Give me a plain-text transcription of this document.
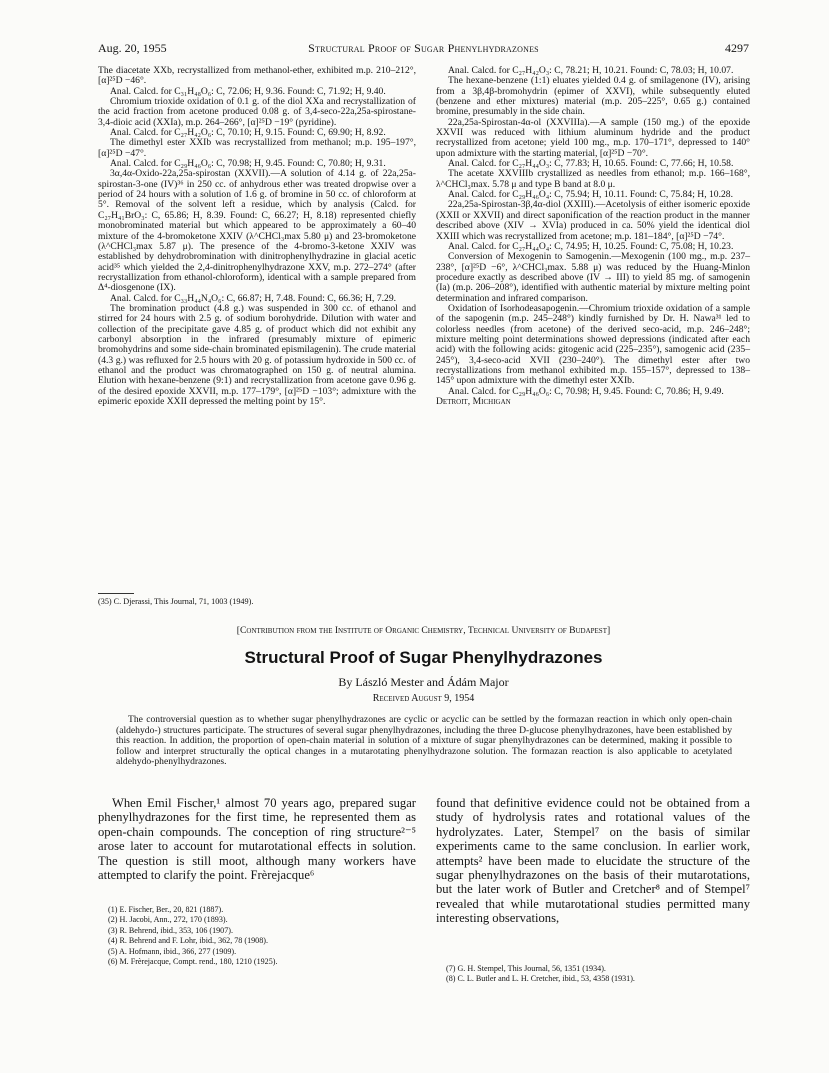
Aug. 20, 1955	Structural Proof of Sugar Phenylhydrazones	4297

The diacetate XXb, recrystallized from methanol-ether, exhibited m.p. 210–212°, [α]²⁵D −46°.

Anal. Calcd. for C₃₁H₄₈O₆: C, 72.06; H, 9.36. Found: C, 71.92; H, 9.40.

Chromium trioxide oxidation of 0.1 g. of the diol XXa and recrystallization of the acid fraction from acetone produced 0.08 g. of 3,4-seco-22a,25a-spirostane-3,4-dioic acid (XXIa), m.p. 264–266°, [α]²⁵D −19° (pyridine).

Anal. Calcd. for C₂₇H₄₂O₆: C, 70.10; H, 9.15. Found: C, 69.90; H, 8.92.

The dimethyl ester XXIb was recrystallized from methanol; m.p. 195–197°, [α]²⁵D −47°.

Anal. Calcd. for C₂₉H₄₆O₆: C, 70.98; H, 9.45. Found: C, 70.80; H, 9.31.

3α,4α-Oxido-22a,25a-spirostan (XXVII).—A solution of 4.14 g. of 22a,25a-spirostan-3-one (IV)³⁶ in 250 cc. of anhydrous ether was treated dropwise over a period of 24 hours with a solution of 1.6 g. of bromine in 50 cc. of chloroform at 5°. Removal of the solvent left a residue, which by analysis (Calcd. for C₂₇H₄₁BrO₃: C, 65.86; H, 8.39. Found: C, 66.27; H, 8.18) represented chiefly monobrominated material but which appeared to be approximately a 60–40 mixture of the 4-bromoketone XXIV (λ^CHCl₃max 5.80 μ) and 23-bromoketone (λ^CHCl₃max 5.87 μ). The presence of the 4-bromo-3-ketone XXIV was established by dehydrobromination with dinitrophenylhydrazine in glacial acetic acid³⁵ which yielded the 2,4-dinitrophenylhydrazone XXV, m.p. 272–274° (after recrystallization from ethanol-chloroform), identical with a sample prepared from Δ⁴-diosgenone (IX).

Anal. Calcd. for C₃₃H₄₄N₄O₆: C, 66.87; H, 7.48. Found: C, 66.36; H, 7.29.

The bromination product (4.8 g.) was suspended in 300 cc. of ethanol and stirred for 24 hours with 2.5 g. of sodium borohydride. Dilution with water and collection of the precipitate gave 4.85 g. of product which did not exhibit any carbonyl absorption in the infrared (presumably mixture of epimeric bromohydrins and some side-chain brominated epismilagenin). The crude material (4.3 g.) was refluxed for 2.5 hours with 20 g. of potassium hydroxide in 500 cc. of ethanol and the product was chromatographed on 150 g. of neutral alumina. Elution with hexane-benzene (9:1) and recrystallization from acetone gave 0.96 g. of the desired epoxide XXVII, m.p. 177–179°, [α]²⁵D −103°; admixture with the epimeric epoxide XXII depressed the melting point by 15°.

(35) C. Djerassi, This Journal, 71, 1003 (1949).

Anal. Calcd. for C₂₇H₄₂O₃: C, 78.21; H, 10.21. Found: C, 78.03; H, 10.07.

The hexane-benzene (1:1) eluates yielded 0.4 g. of smilagenone (IV), arising from a 3β,4β-bromohydrin (epimer of XXVI), while subsequently eluted (benzene and ether mixtures) material (m.p. 205–225°, 0.65 g.) contained bromine, presumably in the side chain.

22a,25a-Spirostan-4α-ol (XXVIIIa).—A sample (150 mg.) of the epoxide XXVII was reduced with lithium aluminum hydride and the product recrystallized from acetone; yield 100 mg., m.p. 170–171°, depressed to 140° upon admixture with the starting material, [α]²⁵D −70°.

Anal. Calcd. for C₂₇H₄₄O₃: C, 77.83; H, 10.65. Found: C, 77.66; H, 10.58.

The acetate XXVIIIb crystallized as needles from ethanol; m.p. 166–168°, λ^CHCl₃max. 5.78 μ and type B band at 8.0 μ.

Anal. Calcd. for C₂₉H₄₆O₄: C, 75.94; H, 10.11. Found: C, 75.84; H, 10.28.

22a,25a-Spirostan-3β,4α-diol (XXIII).—Acetolysis of either isomeric epoxide (XXII or XXVII) and direct saponification of the reaction product in the manner described above (XIV → XVIa) produced in ca. 50% yield the identical diol XXIII which was recrystallized from acetone; m.p. 181–184°, [α]²⁵D −74°.

Anal. Calcd. for C₂₇H₄₄O₄: C, 74.95; H, 10.25. Found: C, 75.08; H, 10.23.

Conversion of Mexogenin to Samogenin.—Mexogenin (100 mg., m.p. 237–238°, [α]²⁵D −6°, λ^CHCl₃max. 5.88 μ) was reduced by the Huang-Minlon procedure exactly as described above (IV → III) to yield 85 mg. of samogenin (Ia) (m.p. 206–208°), identified with authentic material by mixture melting point determination and infrared comparison.

Oxidation of Isorhodeasapogenin.—Chromium trioxide oxidation of a sample of the sapogenin (m.p. 245–248°) kindly furnished by Dr. H. Nawa³¹ led to colorless needles (from acetone) of the derived seco-acid, m.p. 246–248°; mixture melting point determinations showed depressions (indicated after each acid) with the following acids: gitogenic acid (225–235°), samogenic acid (235–245°), 3,4-seco-acid XVII (230–240°). The dimethyl ester after two recrystallizations from methanol exhibited m.p. 155–157°, depressed to 138–145° upon admixture with the dimethyl ester XXIb.

Anal. Calcd. for C₂₉H₄₆O₆: C, 70.98; H, 9.45. Found: C, 70.86; H, 9.49.

Detroit, Michigan

[Contribution from the Institute of Organic Chemistry, Technical University of Budapest]
Structural Proof of Sugar Phenylhydrazones
By László Mester and Ádám Major
Received August 9, 1954
The controversial question as to whether sugar phenylhydrazones are cyclic or acyclic can be settled by the formazan reaction in which only open-chain (aldehydo-) structures participate. The structures of several sugar phenylhydrazones, including the three D-glucose phenylhydrazones, have been established by this reaction. In addition, the proportion of open-chain material in solution of a mixture of sugar phenylhydrazones can be determined, making it possible to follow and interpret structurally the optical changes in a mutarotating phenylhydrazone solution. The formazan reaction is also applicable to acetylated aldehydo-phenylhydrazones.

When Emil Fischer,¹ almost 70 years ago, prepared sugar phenylhydrazones for the first time, he represented them as open-chain compounds. The conception of ring structure²⁻⁵ arose later to account for mutarotational effects in solution. The question is still moot, although many workers have attempted to clarify the point. Frèrejacque⁶

(1) E. Fischer, Ber., 20, 821 (1887).
(2) H. Jacobi, Ann., 272, 170 (1893).
(3) R. Behrend, ibid., 353, 106 (1907).
(4) R. Behrend and F. Lohr, ibid., 362, 78 (1908).
(5) A. Hofmann, ibid., 366, 277 (1909).
(6) M. Frèrejacque, Compt. rend., 180, 1210 (1925).

found that definitive evidence could not be obtained from a study of hydrolysis rates and rotational values of the hydrolyzates. Later, Stempel⁷ on the basis of similar experiments came to the same conclusion. In earlier work, attempts² have been made to elucidate the structure of the sugar phenylhydrazones on the basis of their mutarotations, but the later work of Butler and Cretcher⁸ and of Stempel⁷ revealed that while mutarotational studies permitted many interesting observations,

(7) G. H. Stempel, This Journal, 56, 1351 (1934).
(8) C. L. Butler and L. H. Cretcher, ibid., 53, 4358 (1931).
